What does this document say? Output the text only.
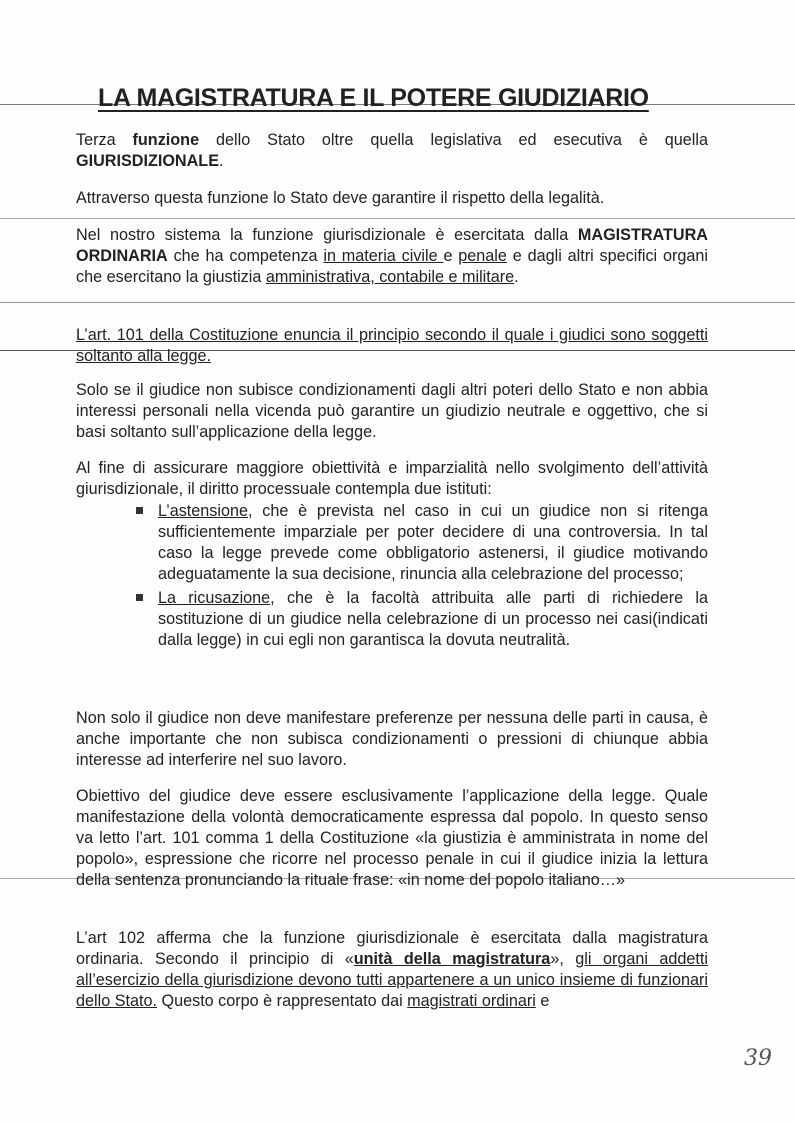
LA MAGISTRATURA E IL POTERE GIUDIZIARIO
Terza funzione dello Stato oltre quella legislativa ed esecutiva è quella GIURISDIZIONALE.
Attraverso questa funzione lo Stato deve garantire il rispetto della legalità.
Nel nostro sistema la funzione giurisdizionale è esercitata dalla MAGISTRATURA ORDINARIA che ha competenza in materia civile e penale e dagli altri specifici organi che esercitano la giustizia amministrativa, contabile e militare.
L’art. 101 della Costituzione enuncia il principio secondo il quale i giudici sono soggetti soltanto alla legge.
Solo se il giudice non subisce condizionamenti dagli altri poteri dello Stato e non abbia interessi personali nella vicenda può garantire un giudizio neutrale e oggettivo, che si basi soltanto sull’applicazione della legge.
Al fine di assicurare maggiore obiettività e imparzialità nello svolgimento dell’attività giurisdizionale, il diritto processuale contempla due istituti:
L’astensione, che è prevista nel caso in cui un giudice non si ritenga sufficientemente imparziale per poter decidere di una controversia. In tal caso la legge prevede come obbligatorio astenersi, il giudice motivando adeguatamente la sua decisione, rinuncia alla celebrazione del processo;
La ricusazione, che è la facoltà attribuita alle parti di richiedere la sostituzione di un giudice nella celebrazione di un processo nei casi(indicati dalla legge) in cui egli non garantisca la dovuta neutralità.
Non solo il giudice non deve manifestare preferenze per nessuna delle parti in causa, è anche importante che non subisca condizionamenti o pressioni di chiunque abbia interesse ad interferire nel suo lavoro.
Obiettivo del giudice deve essere esclusivamente l’applicazione della legge. Quale manifestazione della volontà democraticamente espressa dal popolo. In questo senso va letto l’art. 101 comma 1 della Costituzione «la giustizia è amministrata in nome del popolo», espressione che ricorre nel processo penale in cui il giudice inizia la lettura della sentenza pronunciando la rituale frase: «in nome del popolo italiano…»
L’art 102 afferma che la funzione giurisdizionale è esercitata dalla magistratura ordinaria. Secondo il principio di «unità della magistratura», gli organi addetti all’esercizio della giurisdizione devono tutti appartenere a un unico insieme di funzionari dello Stato. Questo corpo è rappresentato dai magistrati ordinari e
39
